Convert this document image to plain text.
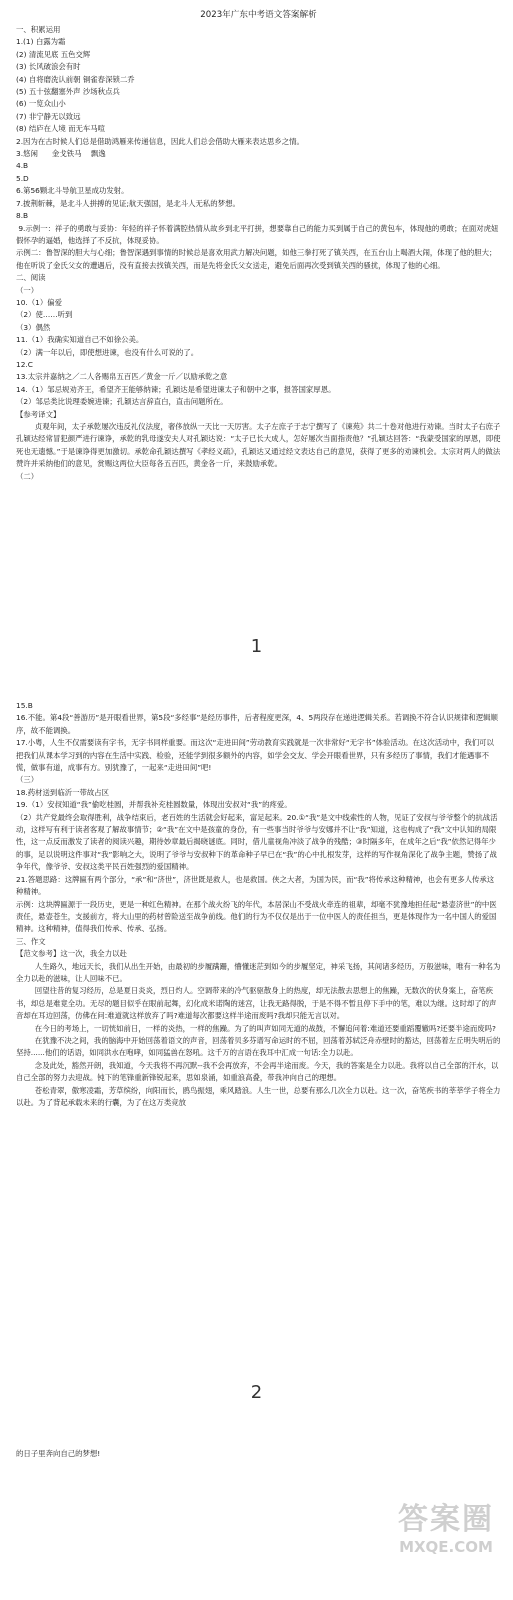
2023年广东中考语文答案解析

一、积累运用

1.(1) 白露为霜

(2) 清流见底 五色交辉

(3) 长风破浪会有时

(4) 自将磨洗认前朝 铜雀春深锁二乔

(5) 五十弦翻塞外声 沙场秋点兵

(6) 一览众山小

(7) 非宁静无以致远

(8) 结庐在人境 而无车马喧

2.因为在古时候人们总是借助鸿雁来传递信息，因此人们总会借助大雁来表达思乡之情。

3.悠闲      金戈铁马    飘逸

4.B

5.D

6.第56颗北斗导航卫星成功发射。

7.披荆斩棘，是北斗人拼搏的见证;航天强国，是北斗人无私的梦想。

8.B

9.示例一：祥子的勇敢与妥协：年轻的祥子怀着满腔热情从故乡到北平打拼，想要靠自己的能力买到属于自己的黄包车，体现他的勇敢；在面对虎妞假怀孕的逼婚，他选择了不反抗，体现妥协。

示例二：鲁智深的胆大与心细；鲁智深遇到事情的时候总是喜欢用武力解决问题，如他三拳打死了镇关西，在五台山上喝酒大闹，体现了他的胆大；他在听说了金氏父女的遭遇后，没有直接去找镇关西，而是先将金氏父女送走，避免后面再次受到镇关西的骚扰，体现了他的心细。

二、阅读

（一）

10.（1）偏爱

（2）使……听到

（3）偶然

11.（1）我确实知道自己不如徐公美。

（2）满一年以后，即使想进谏，也没有什么可说的了。

12.C

13.太宗并嘉纳之／二人各赐帛五百匹／黄金一斤／以励承乾之意

14.（1）邹忌规劝齐王，希望齐王能够纳谏；孔颖达是希望进谏太子和朝中之事，报答国家厚恩。

（2）邹忌类比说理委婉进谏；孔颖达言辞直白，直击问题所在。

【参考译文】

贞观年间，太子承乾屡次违反礼仪法度，奢侈放纵一天比一天厉害。太子左庶子于志宁撰写了《谏苑》共二十卷对他进行劝谏。当时太子右庶子孔颖达经常冒犯颜严进行谏诤，承乾的乳母遂安夫人对孔颖达说：“太子已长大成人，怎好屡次当面指责他？”孔颖达回答：“我蒙受国家的厚恩，即使死也无遗憾。”于是谏诤得更加激切。承乾命孔颖达撰写《孝经义疏》，孔颖达又通过经文表达自己的意见，获得了更多的劝谏机会。太宗对两人的做法赞许并采纳他们的意见，赏赐这两位大臣每各五百匹，黄金各一斤，来鼓励承乾。

（二）

1

15.B

16.不能。第4段“善游历”是开眼看世界，第5段“多经事”是经历事件，后者程度更深，4、5两段存在递进逻辑关系。若调换不符合认识规律和逻辑顺序，故不能调换。

17.小粤，人生不仅需要读有字书，无字书同样重要。而这次“走进田间”劳动教育实践就是一次非常好“无字书”体验活动。在这次活动中，我们可以把我们从课本学习到的内容在生活中实践、检验，还能学到很多额外的内容，如学会交友、学会开眼看世界，只有多经历了事情，我们才能遇事不慌，做事有道，成事有方。别犹豫了，一起来“走进田间”吧!

（三）

18.药材送到临沂一带故占区

19.（1）安叔知道“我”偷吃桂圆，并帮我补充桂圆数量，体现出安叔对“我”的疼爱。

（2）共产党最终会取得胜利，战争结束后，老百姓的生活就会好起来，富足起来。20.①“我”是文中线索性的人物，见证了安叔与爷爷整个的抗战活动，这样写有利于读者客观了解故事情节；②“我”在文中是孩童的身份，有一些事当时爷爷与安娜并不让“我”知道，这也构成了“我”文中认知的局限性，这一点反而激发了读者的阅读兴趣，期待妙章最后揭晓谜底。同时，借儿童视角冲淡了战争的残酷；③时隔多年，在成年之后“我”依然记得年少的事，足以说明这件事对“我”影响之大，说明了爷爷与安叔种下的革命种子早已在“我”的心中扎根发芽，这样的写作视角深化了战争主题，赞扬了战争年代，像爷爷、安叔这类平民百姓强烈的爱国精神。

21.答题思路：这牌匾有两个部分，“承”和“济世”，济世既是救人，也是救国。侠之大者，为国为民，而“我”将传承这种精神，也会有更多人传承这种精神。

示例：这块牌匾源于一段历史，更是一种红色精神。在那个战火纷飞的年代，本居深山不受战火牵连的祖辈，却毫不犹豫地担任起“悬壶济世”的中医责任，悬壶苍生，支援前方，将大山里的药材曾险送至战争前线。他们的行为不仅仅是出于一位中医人的责任担当，更是体现作为一名中国人的爱国精神。这种精神，值得我们传承、传承、弘扬。

三、作文

【范文参考】这一次，我全力以赴

人生路久，地远天长，我们从出生开始，由最初的步履蹒跚，懵懂迷茫到如今的步履坚定，神采飞扬，其间诸多经历，万般滋味，唯有一种名为全力以赴的滋味，让人回味不已。

回望往昔的复习经历，总是夏日炎炎，烈日灼人。空调带来的冷气驱驱散身上的热度，却无法散去思想上的焦躁，无数次的伏身案上，奋笔疾书，却总是难竟全功。无尽的题目似乎在眼前起舞，幻化成米诺陶的迷宫，让我无路得脱，于是不得不暂且停下手中的笔，难以为继。这时却了的声音却在耳边回荡，仿佛在问:难道就这样放弃了吗?难道每次都要这样半途而废吗?我却只能无言以对。

在今日的考场上，一切恍如前日，一样的炎热，一样的焦躁。为了的叫声如同无道的战鼓，不懈追问着:难道还要重蹈覆辙吗?还要半途而废吗?

在犹豫不决之间，我的脑海中开始回荡着语文的声音，回荡着贝多芬谱写命运时的不屈，回荡着苏轼泛舟赤壁时的豁达，回荡着左丘明失明后的坚持......他们的话语，如同洪水在咆哮，如同猛兽在怒吼。这千万的言语在我耳中汇成一句话:全力以赴。

念及此处，豁然开朗，我知道，今天我将不再沉默--我不会再放弃，不会再半途而废。今天，我的答案是全力以赴。我将以自己全部的汗水，以自己全部的努力去迎战。钝下的笔锋重新锋锐起来，思如泉涌，如重浪高叠，带我冲向自己的理想。

苍松青翠，傲寒凌霜，芳草缤纷，向阳而长，鸥鸟振翅，乘风踏浪。人生一世，总要有那么几次全力以赴。这一次，奋笔疾书的莘莘学子将全力以赴。为了背起承载未来的行囊，为了在这万类竞放

2

的日子里奔向自己的梦想!

答案圈
MXQE.COM
